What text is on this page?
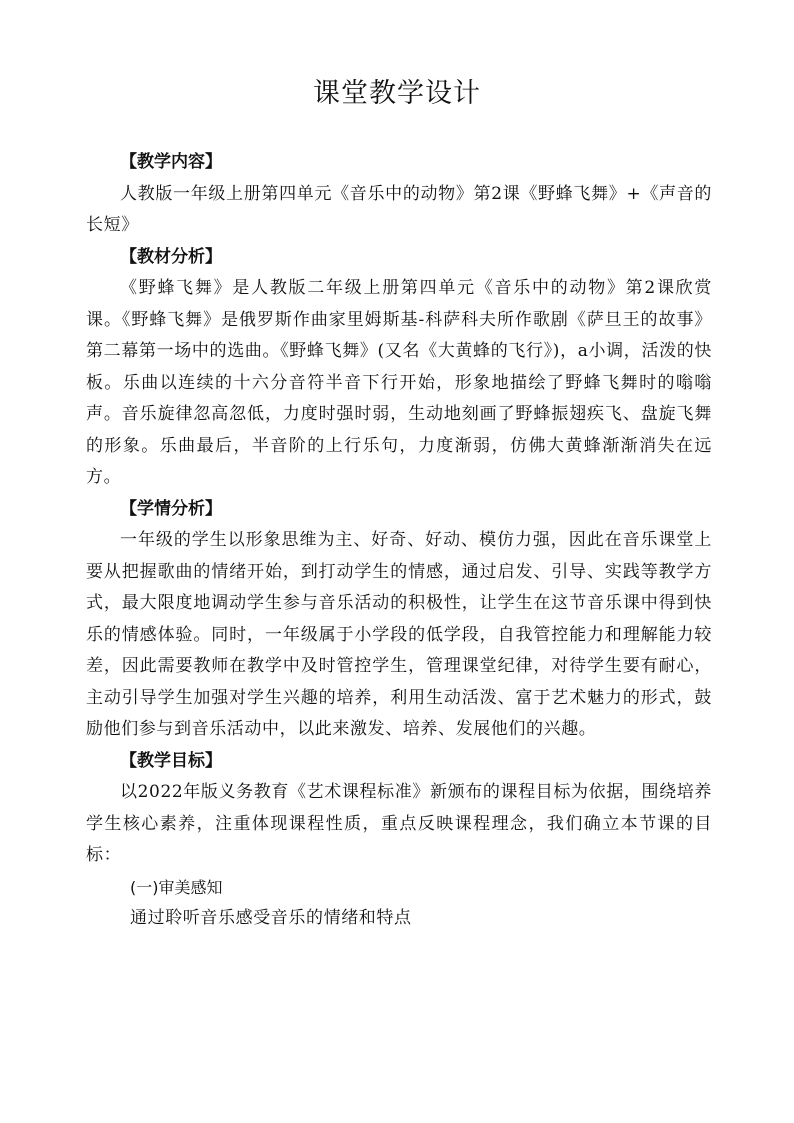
课堂教学设计

【教学内容】

人教版一年级上册第四单元《音乐中的动物》第2课《野蜂飞舞》+《声音的长短》

【教材分析】

《野蜂飞舞》是人教版二年级上册第四单元《音乐中的动物》第2课欣赏课。《野蜂飞舞》是俄罗斯作曲家里姆斯基-科萨科夫所作歌剧《萨旦王的故事》第二幕第一场中的选曲。《野蜂飞舞》(又名《大黄蜂的飞行》)，a小调，活泼的快板。乐曲以连续的十六分音符半音下行开始，形象地描绘了野蜂飞舞时的嗡嗡声。音乐旋律忽高忽低，力度时强时弱，生动地刻画了野蜂振翅疾飞、盘旋飞舞的形象。乐曲最后，半音阶的上行乐句，力度渐弱，仿佛大黄蜂渐渐消失在远方。

【学情分析】

一年级的学生以形象思维为主、好奇、好动、模仿力强，因此在音乐课堂上要从把握歌曲的情绪开始，到打动学生的情感，通过启发、引导、实践等教学方式，最大限度地调动学生参与音乐活动的积极性，让学生在这节音乐课中得到快乐的情感体验。同时，一年级属于小学段的低学段，自我管控能力和理解能力较差，因此需要教师在教学中及时管控学生，管理课堂纪律，对待学生要有耐心，主动引导学生加强对学生兴趣的培养，利用生动活泼、富于艺术魅力的形式，鼓励他们参与到音乐活动中，以此来激发、培养、发展他们的兴趣。

【教学目标】

以2022年版义务教育《艺术课程标准》新颁布的课程目标为依据，围绕培养学生核心素养，注重体现课程性质，重点反映课程理念，我们确立本节课的目标：

(一)审美感知

通过聆听音乐感受音乐的情绪和特点
